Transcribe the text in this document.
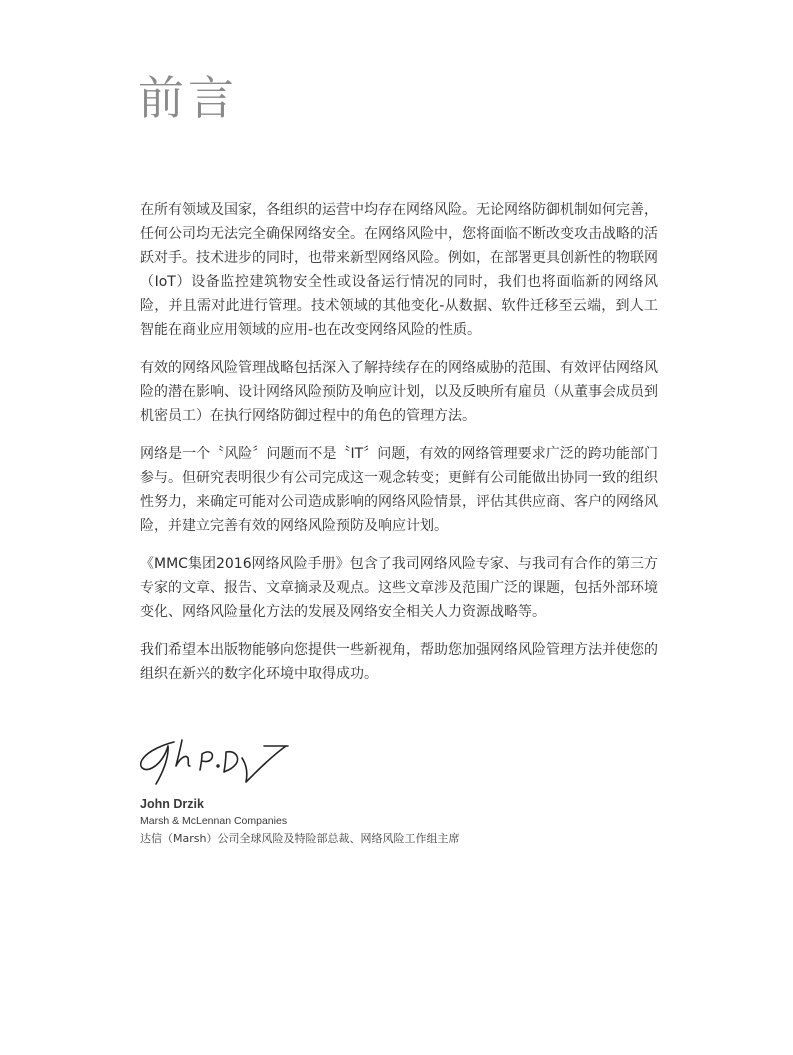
前言

在所有领域及国家，各组织的运营中均存在网络风险。无论网络防御机制如何完善，任何公司均无法完全确保网络安全。在网络风险中，您将面临不断改变攻击战略的活跃对手。技术进步的同时，也带来新型网络风险。例如，在部署更具创新性的物联网（IoT）设备监控建筑物安全性或设备运行情况的同时，我们也将面临新的网络风险，并且需对此进行管理。技术领域的其他变化-从数据、软件迁移至云端，到人工智能在商业应用领域的应用-也在改变网络风险的性质。

有效的网络风险管理战略包括深入了解持续存在的网络威胁的范围、有效评估网络风险的潜在影响、设计网络风险预防及响应计划，以及反映所有雇员（从董事会成员到机密员工）在执行网络防御过程中的角色的管理方法。

网络是一个〝风险〞问题而不是〝IT〞问题，有效的网络管理要求广泛的跨功能部门参与。但研究表明很少有公司完成这一观念转变；更鲜有公司能做出协同一致的组织性努力，来确定可能对公司造成影响的网络风险情景，评估其供应商、客户的网络风险，并建立完善有效的网络风险预防及响应计划。

《MMC集团2016网络风险手册》包含了我司网络风险专家、与我司有合作的第三方专家的文章、报告、文章摘录及观点。这些文章涉及范围广泛的课题，包括外部环境变化、网络风险量化方法的发展及网络安全相关人力资源战略等。

我们希望本出版物能够向您提供一些新视角，帮助您加强网络风险管理方法并使您的组织在新兴的数字化环境中取得成功。

John Drzik

Marsh & McLennan Companies

达信（Marsh）公司全球风险及特险部总裁、网络风险工作组主席
